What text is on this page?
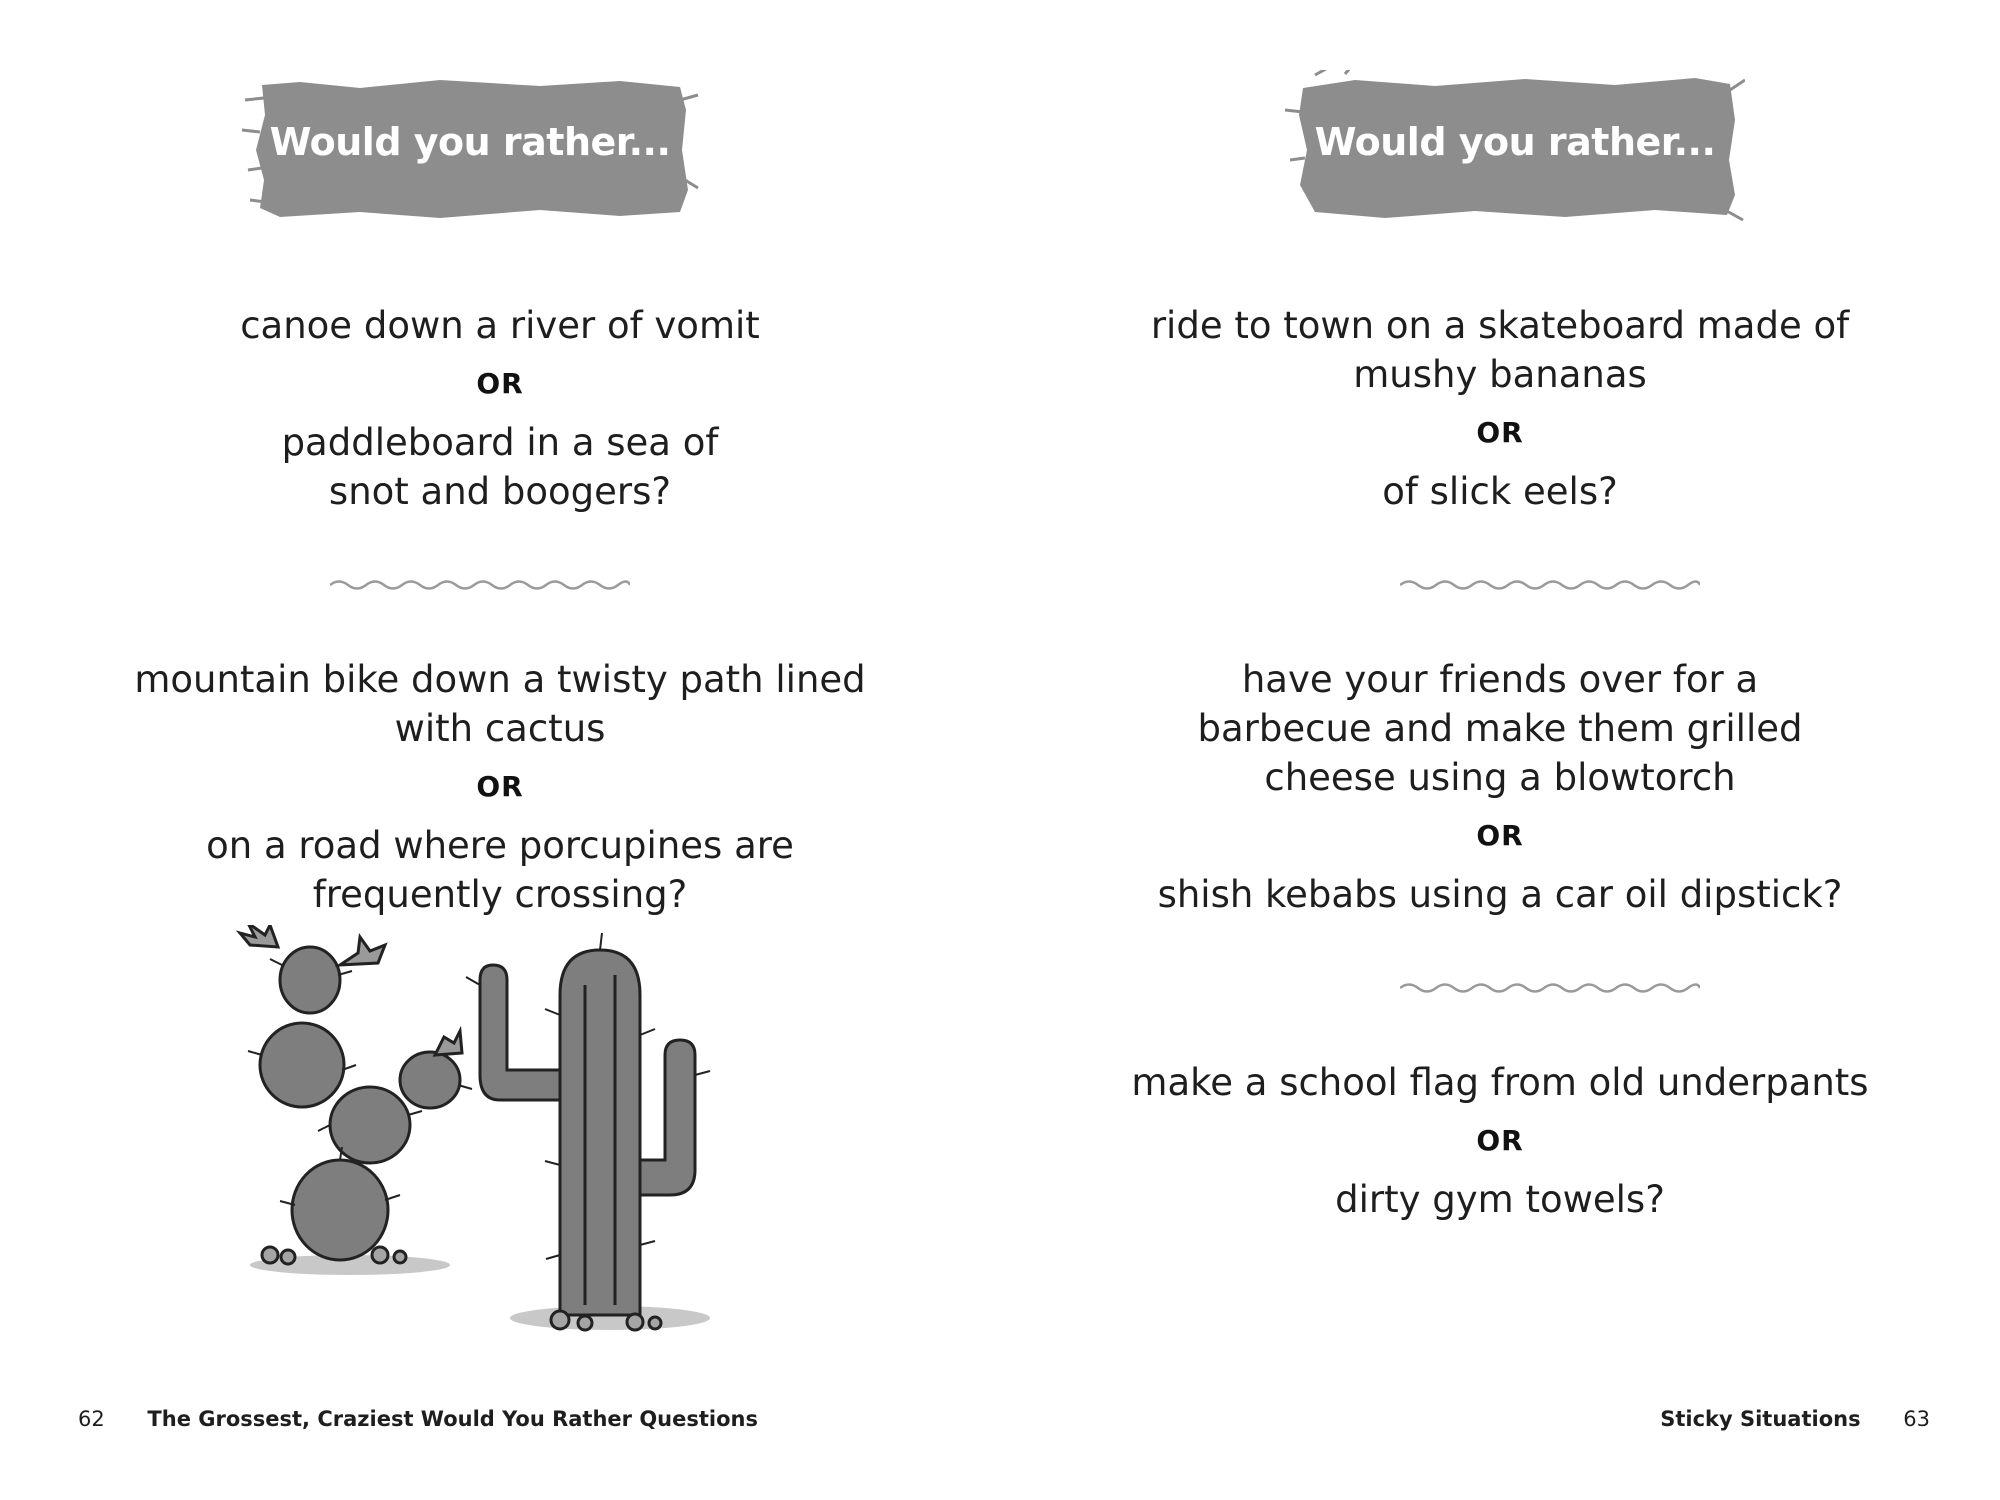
Would you rather...
canoe down a river of vomit
OR
paddleboard in a sea of
snot and boogers?
mountain bike down a twisty path lined
with cactus
OR
on a road where porcupines are
frequently crossing?
62 The Grossest, Craziest Would You Rather Questions
Would you rather...
ride to town on a skateboard made of
mushy bananas
OR
of slick eels?
have your friends over for a
barbecue and make them grilled
cheese using a blowtorch
OR
shish kebabs using a car oil dipstick?
make a school flag from old underpants
OR
dirty gym towels?
Sticky Situations 63
